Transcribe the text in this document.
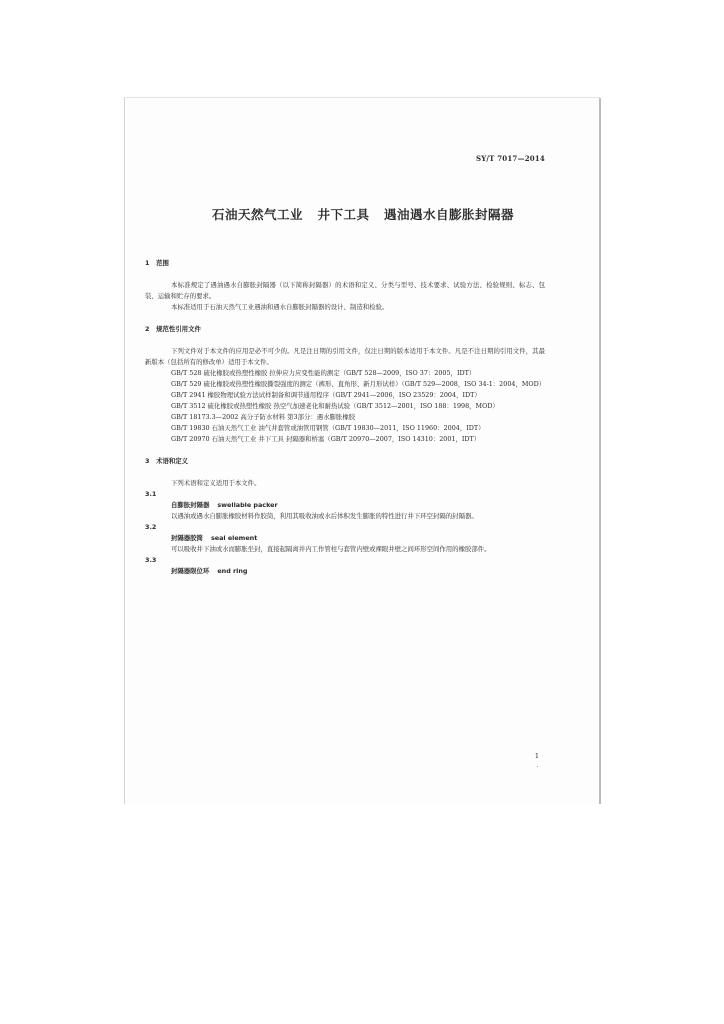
SY/T 7017—2014
石油天然气工业   井下工具   遇油遇水自膨胀封隔器
1   范围

本标准规定了遇油遇水自膨胀封隔器（以下简称封隔器）的术语和定义、分类与型号、技术要求、试验方法、检验规则、标志、包装、运输和贮存的要求。

本标准适用于石油天然气工业遇油和遇水自膨胀封隔器的设计、制造和检验。

2   规范性引用文件

下列文件对于本文件的应用是必不可少的。凡是注日期的引用文件，仅注日期的版本适用于本文件。凡是不注日期的引用文件，其最新版本（包括所有的修改单）适用于本文件。

GB/T 528 硫化橡胶或热塑性橡胶 拉伸应力应变性能的测定（GB/T 528—2009，ISO 37：2005，IDT）

GB/T 529 硫化橡胶或热塑性橡胶撕裂强度的测定（裤形、直角形、新月形试样）（GB/T 529—2008，ISO 34-1：2004，MOD）

GB/T 2941 橡胶物理试验方法试样制备和调节通用程序（GB/T 2941—2006，ISO 23529：2004，IDT）

GB/T 3512 硫化橡胶或热塑性橡胶 热空气加速老化和耐热试验（GB/T 3512—2001，ISO 188：1998，MOD）

GB/T 18173.3—2002 高分子防水材料 第3部分：遇水膨胀橡胶

GB/T 19830 石油天然气工业 油气井套管或油管用钢管（GB/T 19830—2011，ISO 11960：2004，IDT）

GB/T 20970 石油天然气工业 井下工具 封隔器和桥塞（GB/T 20970—2007，ISO 14310：2001，IDT）

3   术语和定义

下列术语和定义适用于本文件。

3.1

自膨胀封隔器 swellable packer

以遇油或遇水自膨胀橡胶材料作胶筒，利用其吸收油或水后体积发生膨胀的特性进行井下环空封隔的封隔器。

3.2

封隔器胶筒 seal element

可以吸收井下油或水而膨胀坐封，直接起隔离井内工作管柱与套管内壁或裸眼井壁之间环形空间作用的橡胶部件。

3.3

封隔器限位环 end ring

1
